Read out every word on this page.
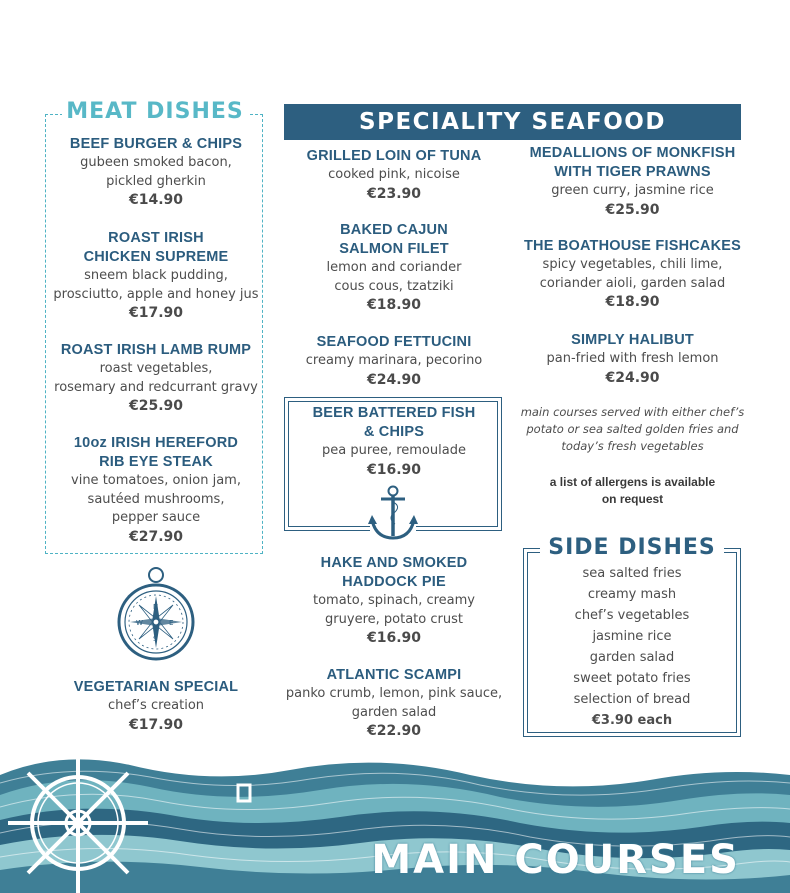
MEAT DISHES
BEEF BURGER & CHIPS
gubeen smoked bacon,
pickled gherkin
€14.90
ROAST IRISH
CHICKEN SUPREME
sneem black pudding,
prosciutto, apple and honey jus
€17.90
ROAST IRISH LAMB RUMP
roast vegetables,
rosemary and redcurrant gravy
€25.90
10oz IRISH HEREFORD
RIB EYE STEAK
vine tomatoes, onion jam,
sautéed mushrooms,
pepper sauce
€27.90
N
E
S
W
VEGETARIAN SPECIAL
chef’s creation
€17.90
SPECIALITY SEAFOOD
GRILLED LOIN OF TUNA
cooked pink, nicoise
€23.90
BAKED CAJUN
SALMON FILET
lemon and coriander
cous cous, tzatziki
€18.90
SEAFOOD FETTUCINI
creamy marinara, pecorino
€24.90
BEER BATTERED FISH
& CHIPS
pea puree, remoulade
€16.90
HAKE AND SMOKED
HADDOCK PIE
tomato, spinach, creamy
gruyere, potato crust
€16.90
ATLANTIC SCAMPI
panko crumb, lemon, pink sauce,
garden salad
€22.90
MEDALLIONS OF MONKFISH
WITH TIGER PRAWNS
green curry, jasmine rice
€25.90
THE BOATHOUSE FISHCAKES
spicy vegetables, chili lime,
coriander aioli, garden salad
€18.90
SIMPLY HALIBUT
pan-fried with fresh lemon
€24.90
main courses served with either chef’s
potato or sea salted golden fries and
today’s fresh vegetables
a list of allergens is available
on request
SIDE DISHES
sea salted fries
creamy mash
chef’s vegetables
jasmine rice
garden salad
sweet potato fries
selection of bread
€3.90 each
MAIN COURSES
